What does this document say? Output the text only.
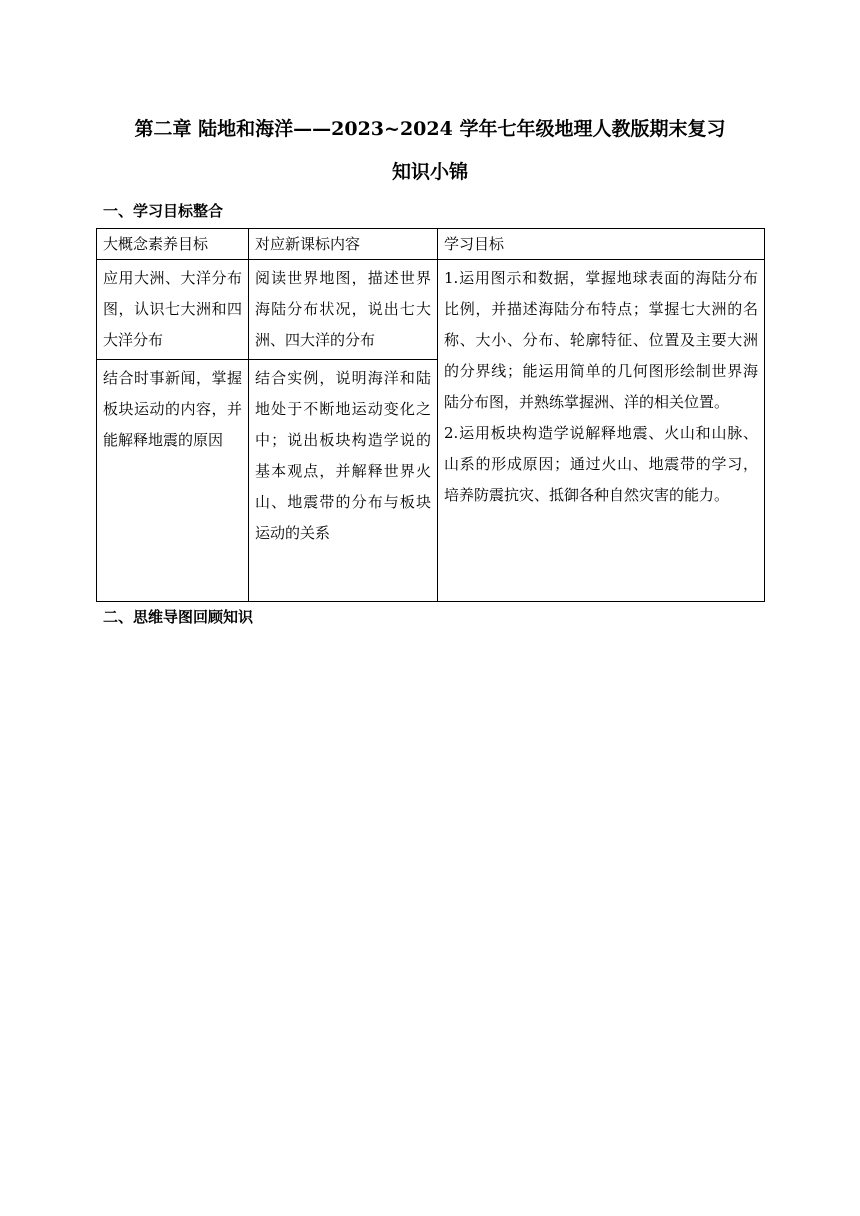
第二章 陆地和海洋——2023~2024 学年七年级地理人教版期末复习
知识小锦
一、学习目标整合
大概念素养目标	对应新课标内容	学习目标
应用大洲、大洋分布图，认识七大洲和四大洋分布	阅读世界地图，描述世界海陆分布状况，说出七大洲、四大洋的分布	1.运用图示和数据，掌握地球表面的海陆分布比例，并描述海陆分布特点；掌握七大洲的名称、大小、分布、轮廓特征、位置及主要大洲的分界线；能运用简单的几何图形绘制世界海陆分布图，并熟练掌握洲、洋的相关位置。
2.运用板块构造学说解释地震、火山和山脉、山系的形成原因；通过火山、地震带的学习，培养防震抗灾、抵御各种自然灾害的能力。

结合时事新闻，掌握板块运动的内容，并能解释地震的原因	结合实例，说明海洋和陆地处于不断地运动变化之中；说出板块构造学说的基本观点，并解释世界火山、地震带的分布与板块运动的关系	
二、思维导图回顾知识
